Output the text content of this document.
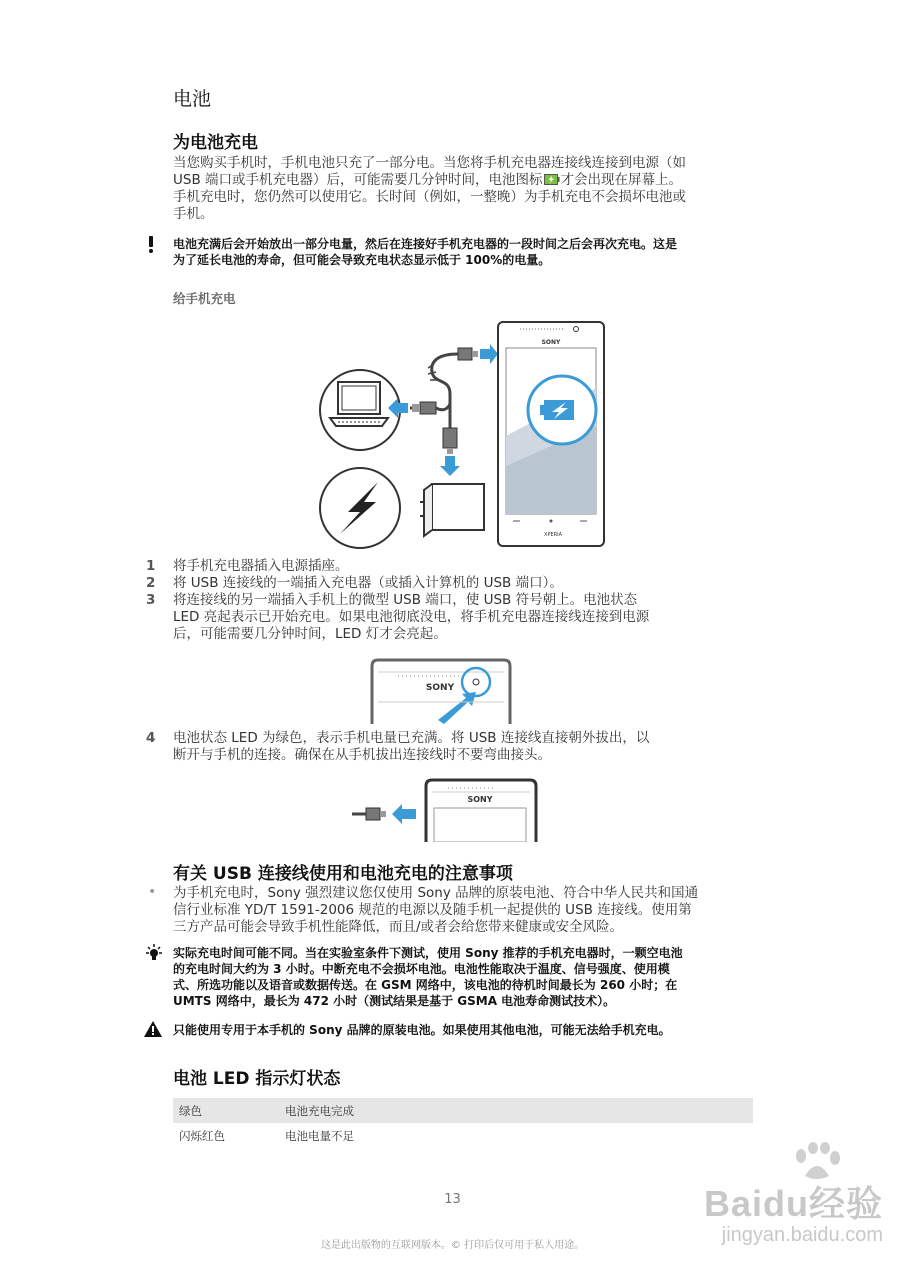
电池
为电池充电
当您购买手机时，手机电池只充了一部分电。当您将手机充电器连接线连接到电源（如
USB 端口或手机充电器）后，可能需要几分钟时间，电池图标 才会出现在屏幕上。
手机充电时，您仍然可以使用它。长时间（例如，一整晚）为手机充电不会损坏电池或
手机。
电池充满后会开始放出一部分电量，然后在连接好手机充电器的一段时间之后会再次充电。这是
为了延长电池的寿命，但可能会导致充电状态显示低于 100%的电量。
给手机充电
SONY
XPERIA
1 将手机充电器插入电源插座。
2 将 USB 连接线的一端插入充电器（或插入计算机的 USB 端口）。
3 将连接线的另一端插入手机上的微型 USB 端口，使 USB 符号朝上。电池状态
LED 亮起表示已开始充电。如果电池彻底没电，将手机充电器连接线连接到电源
后，可能需要几分钟时间，LED 灯才会亮起。
SONY
4 电池状态 LED 为绿色，表示手机电量已充满。将 USB 连接线直接朝外拔出，以
断开与手机的连接。确保在从手机拔出连接线时不要弯曲接头。
SONY
有关 USB 连接线使用和电池充电的注意事项
• 为手机充电时，Sony 强烈建议您仅使用 Sony 品牌的原装电池、符合中华人民共和国通
信行业标准 YD/T 1591-2006 规范的电源以及随手机一起提供的 USB 连接线。使用第
三方产品可能会导致手机性能降低，而且/或者会给您带来健康或安全风险。
实际充电时间可能不同。当在实验室条件下测试，使用 Sony 推荐的手机充电器时，一颗空电池
的充电时间大约为 3 小时。中断充电不会损坏电池。电池性能取决于温度、信号强度、使用模
式、所选功能以及语音或数据传送。在 GSM 网络中，该电池的待机时间最长为 260 小时；在
UMTS 网络中，最长为 472 小时（测试结果是基于 GSMA 电池寿命测试技术）。
只能使用专用于本手机的 Sony 品牌的原装电池。如果使用其他电池，可能无法给手机充电。
电池 LED 指示灯状态
绿色	电池充电完成
闪烁红色	电池电量不足
13
这是此出版物的互联网版本。© 打印后仅可用于私人用途。
Baidu经验
jingyan.baidu.com
